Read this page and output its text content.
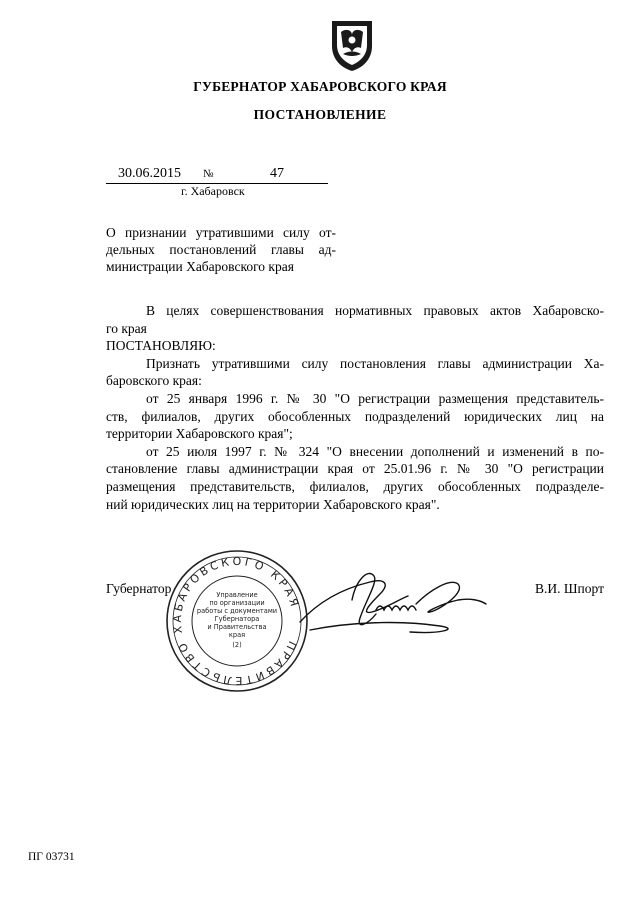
ГУБЕРНАТОР ХАБАРОВСКОГО КРАЯ
ПОСТАНОВЛЕНИЕ
30.06.2015 №	47
г. Хабаровск
О признании утратившими силу от-
дельных постановлений главы ад-
министрации Хабаровского края
В целях совершенствования нормативных правовых актов Хабаровско-
го края
ПОСТАНОВЛЯЮ:
Признать утратившими силу постановления главы администрации Ха-
баровского края:
от 25 января 1996 г. № 30 "О регистрации размещения представитель-
ств, филиалов, других обособленных подразделений юридических лиц на
территории Хабаровского края";
от 25 июля 1997 г. № 324 "О внесении дополнений и изменений в по-
становление главы администрации края от 25.01.96 г. № 30 "О регистрации
размещения представительств, филиалов, других обособленных подразделе-
ний юридических лиц на территории Хабаровского края".
Губернатор	В.И. Шпорт
ПРАВИТЕЛЬСТВО ХАБАРОВСКОГО КРАЯ
Управление
по организации
работы с документами
Губернатора
и Правительства
края
(2)
ПГ 03731
